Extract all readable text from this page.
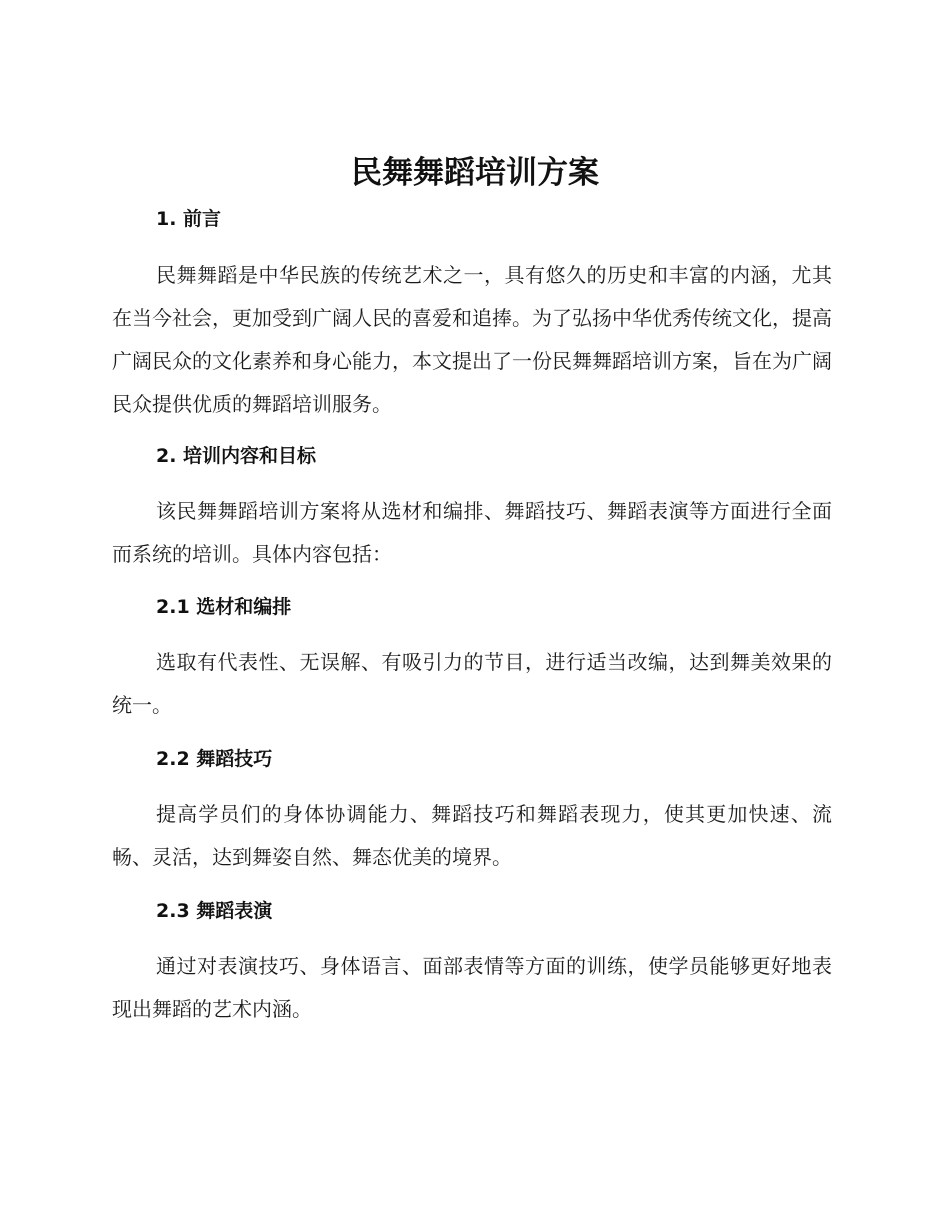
民舞舞蹈培训方案
1. 前言

民舞舞蹈是中华民族的传统艺术之一，具有悠久的历史和丰富的内涵，尤其在当今社会，更加受到广阔人民的喜爱和追捧。为了弘扬中华优秀传统文化，提高广阔民众的文化素养和身心能力，本文提出了一份民舞舞蹈培训方案，旨在为广阔民众提供优质的舞蹈培训服务。

2. 培训内容和目标

该民舞舞蹈培训方案将从选材和编排、舞蹈技巧、舞蹈表演等方面进行全面而系统的培训。具体内容包括：

2.1 选材和编排

选取有代表性、无误解、有吸引力的节目，进行适当改编，达到舞美效果的统一。

2.2 舞蹈技巧

提高学员们的身体协调能力、舞蹈技巧和舞蹈表现力，使其更加快速、流畅、灵活，达到舞姿自然、舞态优美的境界。

2.3 舞蹈表演

通过对表演技巧、身体语言、面部表情等方面的训练，使学员能够更好地表现出舞蹈的艺术内涵。
